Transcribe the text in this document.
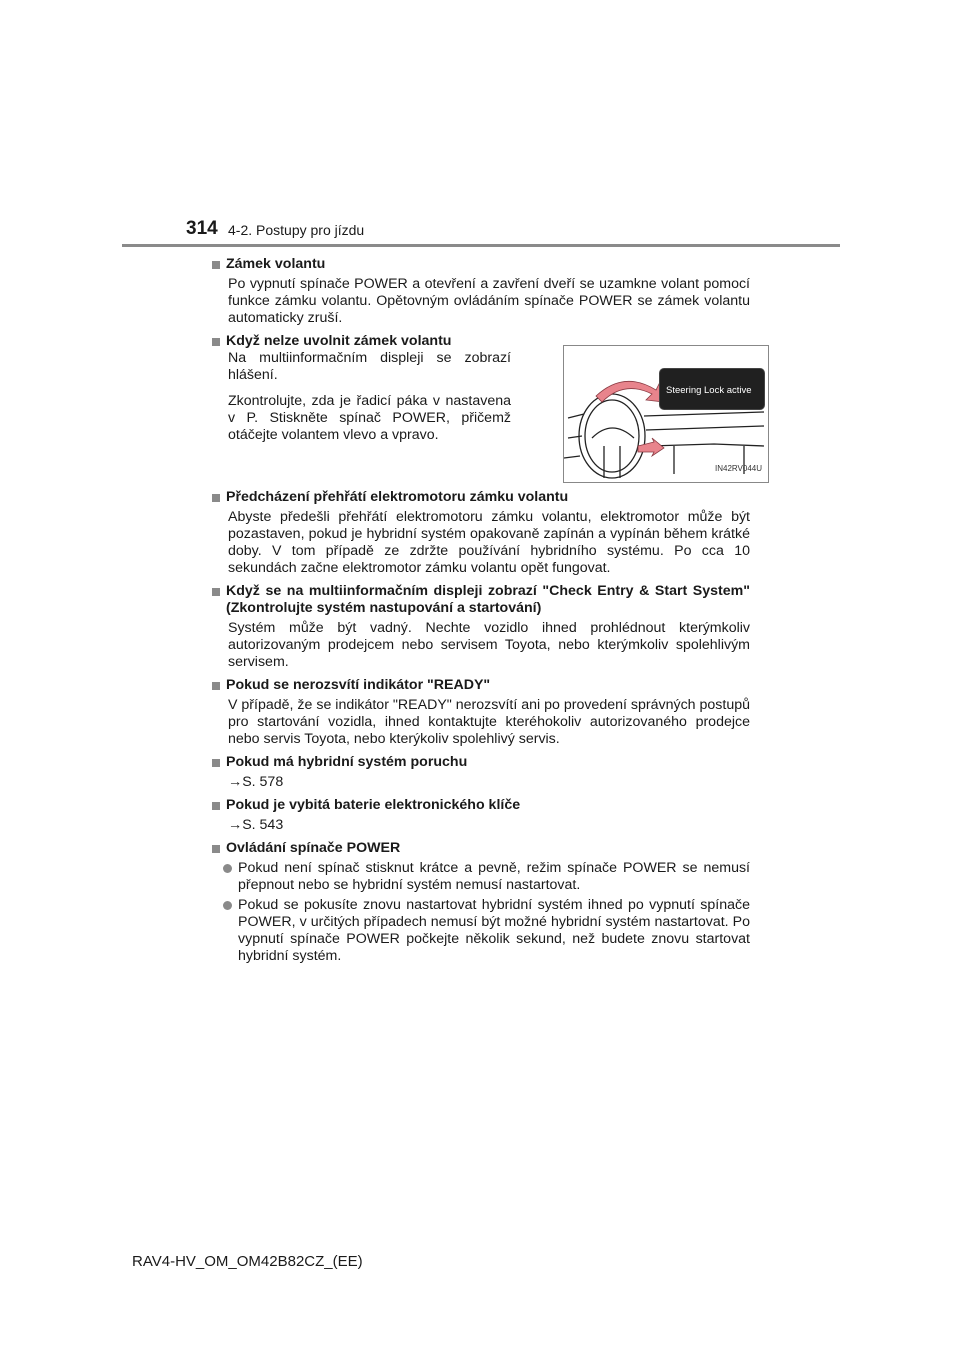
314 4-2. Postupy pro jízdu
Zámek volantu
Po vypnutí spínače POWER a otevření a zavření dveří se uzamkne volant pomocí funkce zámku volantu. Opětovným ovládáním spínače POWER se zámek volantu automaticky zruší.
Když nelze uvolnit zámek volantu

Na multiinformačním displeji se zobrazí hlášení.

Zkontrolujte, zda je řadicí páka v nastavena v P. Stiskněte spínač POWER, přičemž otáčejte volantem vlevo a vpravo.

Steering Lock active
IN42RV044U
Předcházení přehřátí elektromotoru zámku volantu
Abyste předešli přehřátí elektromotoru zámku volantu, elektromotor může být pozastaven, pokud je hybridní systém opakovaně zapínán a vypínán během krátké doby. V tom případě ze zdržte používání hybridního systému. Po cca 10 sekundách začne elektromotor zámku volantu opět fungovat.
Když se na multiinformačním displeji zobrazí "Check Entry & Start System" (Zkontrolujte systém nastupování a startování)
Systém může být vadný. Nechte vozidlo ihned prohlédnout kterýmkoliv autorizovaným prodejcem nebo servisem Toyota, nebo kterýmkoliv spolehlivým servisem.
Pokud se nerozsvítí indikátor "READY"
V případě, že se indikátor "READY" nerozsvítí ani po provedení správných postupů pro startování vozidla, ihned kontaktujte kteréhokoliv autorizovaného prodejce nebo servis Toyota, nebo kterýkoliv spolehlivý servis.
Pokud má hybridní systém poruchu
→S. 578
Pokud je vybitá baterie elektronického klíče
→S. 543
Ovládání spínače POWER
Pokud není spínač stisknut krátce a pevně, režim spínače POWER se nemusí přepnout nebo se hybridní systém nemusí nastartovat.
Pokud se pokusíte znovu nastartovat hybridní systém ihned po vypnutí spínače POWER, v určitých případech nemusí být možné hybridní systém nastartovat. Po vypnutí spínače POWER počkejte několik sekund, než budete znovu startovat hybridní systém.
RAV4-HV_OM_OM42B82CZ_(EE)
